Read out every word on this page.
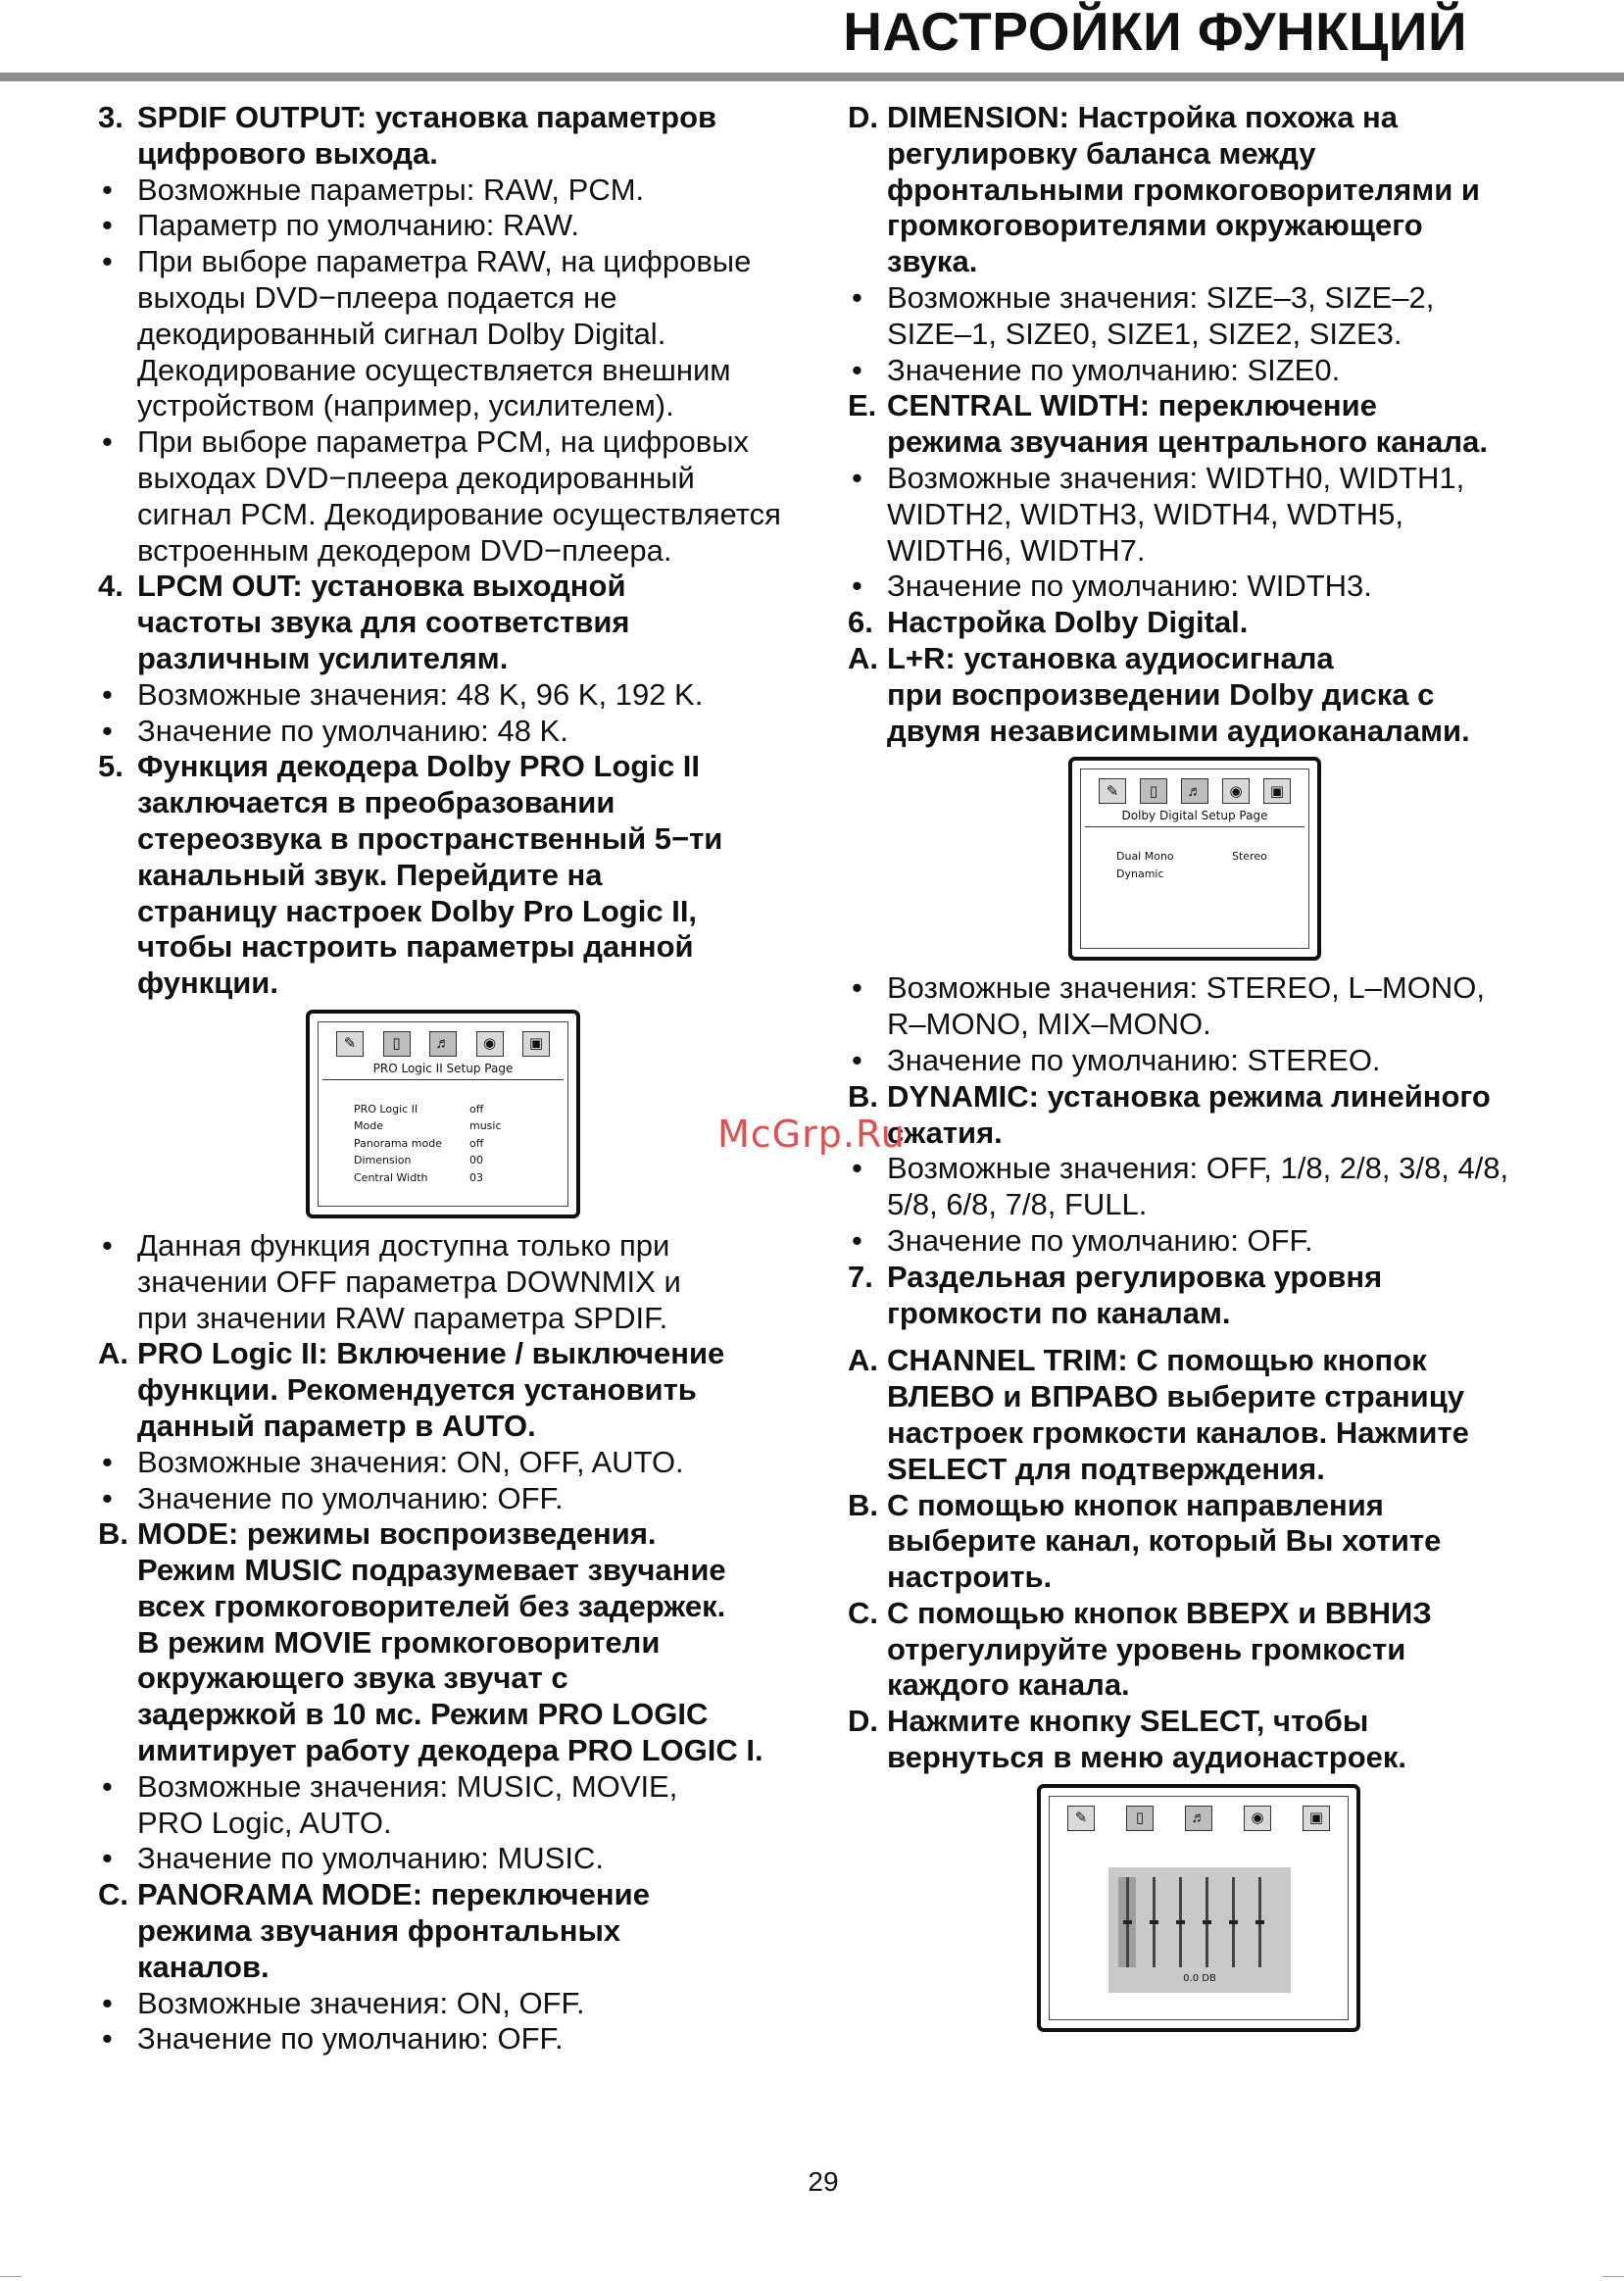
НАСТРОЙКИ ФУНКЦИЙ
3. SPDIF OUTPUT: установка параметров
цифрового выхода.
• Возможные параметры: RAW, PCM.
• Параметр по умолчанию: RAW.
• При выборе параметра RAW, на цифровые
выходы DVD−плеера подается не
декодированный сигнал Dolby Digital.
Декодирование осуществляется внешним
устройством (например, усилителем).
• При выборе параметра PCM, на цифровых
выходах DVD−плеера декодированный
сигнал PCM. Декодирование осуществляется
встроенным декодером DVD−плеера.
4. LPCM OUT: установка выходной
частоты звука для соответствия
различным усилителям.
• Возможные значения: 48 K, 96 K, 192 K.
• Значение по умолчанию: 48 K.
5. Функция декодера Dolby PRO Logic II
заключается в преобразовании
стереозвука в пространственный 5−ти
канальный звук. Перейдите на
страницу настроек Dolby Pro Logic II,
чтобы настроить параметры данной
функции.
✎	▯	♬	◉	▣
PRO Logic II Setup Page
PRO Logic II	off
Mode	music
Panorama mode	off
Dimension	00
Central Width	03
• Данная функция доступна только при
значении OFF параметра DOWNMIX и
при значении RAW параметра SPDIF.
A. PRO Logic II: Включение / выключение
функции. Рекомендуется установить
данный параметр в AUTO.
• Возможные значения: ON, OFF, AUTO.
• Значение по умолчанию: OFF.
B. MODE: режимы воспроизведения.
Режим MUSIC подразумевает звучание
всех громкоговорителей без задержек.
В режим MOVIE громкоговорители
окружающего звука звучат с
задержкой в 10 мс. Режим PRO LOGIC
имитирует работу декодера PRO LOGIC I.
• Возможные значения: MUSIC, MOVIE,
PRO Logic, AUTO.
• Значение по умолчанию: MUSIC.
C. PANORAMA MODE: переключение
режима звучания фронтальных
каналов.
• Возможные значения: ON, OFF.
• Значение по умолчанию: OFF.
D. DIMENSION: Настройка похожа на
регулировку баланса между
фронтальными громкоговорителями и
громкоговорителями окружающего
звука.
• Возможные значения: SIZE–3, SIZE–2,
SIZE–1, SIZE0, SIZE1, SIZE2, SIZE3.
• Значение по умолчанию: SIZE0.
E. CENTRAL WIDTH: переключение
режима звучания центрального канала.
• Возможные значения: WIDTH0, WIDTH1,
WIDTH2, WIDTH3, WIDTH4, WDTH5,
WIDTH6, WIDTH7.
• Значение по умолчанию: WIDTH3.
6. Настройка Dolby Digital.
A. L+R: установка аудиосигнала
при воспроизведении Dolby диска с
двумя независимыми аудиоканалами.
✎	▯	♬	◉	▣
Dolby Digital Setup Page
Dual Mono	Stereo
Dynamic
• Возможные значения: STEREO, L–MONO,
R–MONO, MIX–MONO.
• Значение по умолчанию: STEREO.
B. DYNAMIC: установка режима линейного
сжатия.
• Возможные значения: OFF, 1/8, 2/8, 3/8, 4/8,
5/8, 6/8, 7/8, FULL.
• Значение по умолчанию: OFF.
7. Раздельная регулировка уровня
громкости по каналам.
A. CHANNEL TRIM: С помощью кнопок
ВЛЕВО и ВПРАВО выберите страницу
настроек громкости каналов. Нажмите
SELECT для подтверждения.
B. С помощью кнопок направления
выберите канал, который Вы хотите
настроить.
C. С помощью кнопок ВВЕРХ и ВВНИЗ
отрегулируйте уровень громкости
каждого канала.
D. Нажмите кнопку SELECT, чтобы
вернуться в меню аудионастроек.
✎	▯	♬	◉	▣
0.0 DB
McGrp.Ru
29
